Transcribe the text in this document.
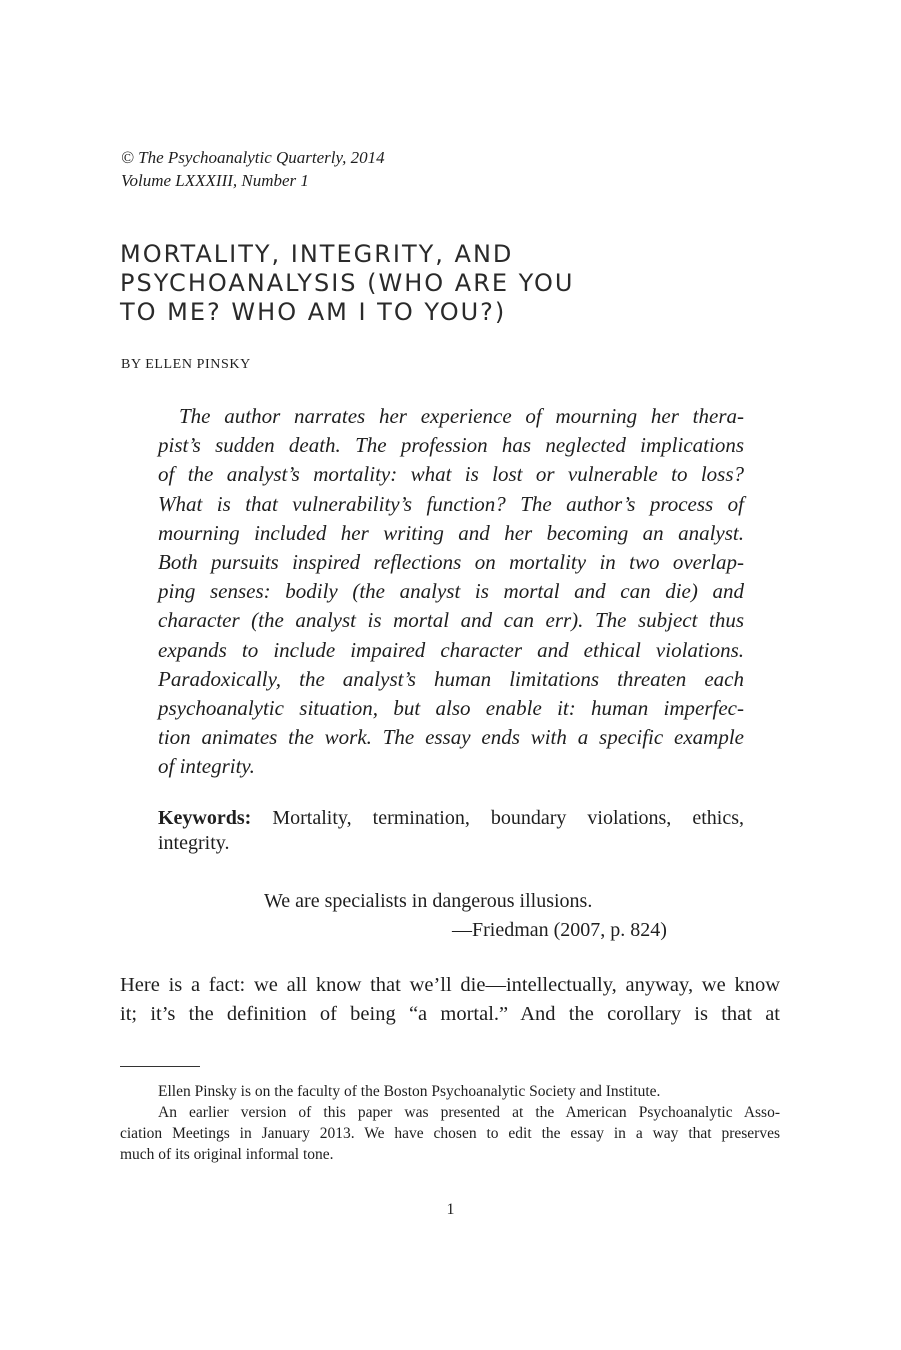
© The Psychoanalytic Quarterly, 2014
Volume LXXXIII, Number 1
MORTALITY, INTEGRITY, AND
PSYCHOANALYSIS (WHO ARE YOU
TO ME? WHO AM I TO YOU?)
BY ELLEN PINSKY

The author narrates her experience of mourning her thera-
pist’s sudden death. The profession has neglected implications
of the analyst’s mortality: what is lost or vulnerable to loss?
What is that vulnerability’s function? The author’s process of
mourning included her writing and her becoming an analyst.
Both pursuits inspired reflections on mortality in two overlap-
ping senses: bodily (the analyst is mortal and can die) and
character (the analyst is mortal and can err). The subject thus
expands to include impaired character and ethical violations.
Paradoxically, the analyst’s human limitations threaten each
psychoanalytic situation, but also enable it: human imperfec-
tion animates the work. The essay ends with a specific example
of integrity.

Keywords: Mortality, termination, boundary violations, ethics,
integrity.
We are specialists in dangerous illusions.
—Friedman (2007, p. 824)
Here is a fact: we all know that we’ll die—intellectually, anyway, we know
it; it’s the definition of being “a mortal.” And the corollary is that at
Ellen Pinsky is on the faculty of the Boston Psychoanalytic Society and Institute.
An earlier version of this paper was presented at the American Psychoanalytic Asso-
ciation Meetings in January 2013. We have chosen to edit the essay in a way that preserves
much of its original informal tone.
1
